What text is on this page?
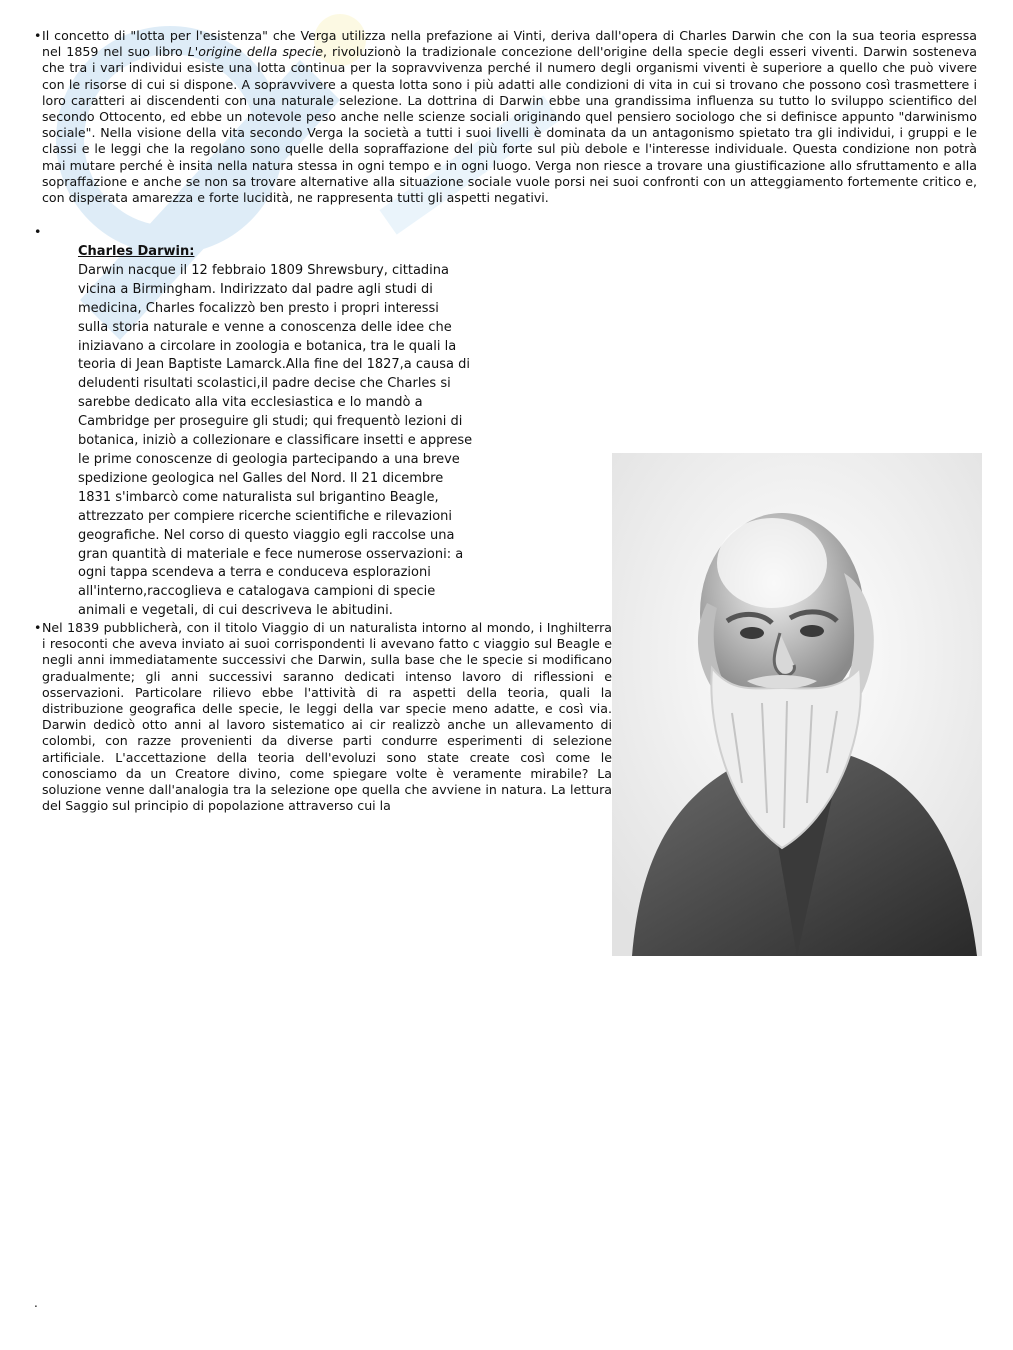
• Il concetto di "lotta per l'esistenza" che Verga utilizza nella prefazione ai Vinti, deriva dall'opera di Charles Darwin che con la sua teoria espressa nel 1859 nel suo libro L'origine della specie, rivoluzionò la tradizionale concezione dell'origine della specie degli esseri viventi. Darwin sosteneva che tra i vari individui esiste una lotta continua per la sopravvivenza perché il numero degli organismi viventi è superiore a quello che può vivere con le risorse di cui si dispone. A sopravvivere a questa lotta sono i più adatti alle condizioni di vita in cui si trovano che possono così trasmettere i loro caratteri ai discendenti con una naturale selezione. La dottrina di Darwin ebbe una grandissima influenza su tutto lo sviluppo scientifico del secondo Ottocento, ed ebbe un notevole peso anche nelle scienze sociali originando quel pensiero sociologo che si definisce appunto "darwinismo sociale". Nella visione della vita secondo Verga la società a tutti i suoi livelli è dominata da un antagonismo spietato tra gli individui, i gruppi e le classi e le leggi che la regolano sono quelle della sopraffazione del più forte sul più debole e l'interesse individuale. Questa condizione non potrà mai mutare perché è insita nella natura stessa in ogni tempo e in ogni luogo. Verga non riesce a trovare una giustificazione allo sfruttamento e alla sopraffazione e anche se non sa trovare alternative alla situazione sociale vuole porsi nei suoi confronti con un atteggiamento fortemente critico e, con disperata amarezza e forte lucidità, ne rappresenta tutti gli aspetti negativi.
•
Charles Darwin:
Darwin nacque il 12 febbraio 1809 Shrewsbury, cittadina vicina a Birmingham. Indirizzato dal padre agli studi di medicina, Charles focalizzò ben presto i propri interessi sulla storia naturale e venne a conoscenza delle idee che iniziavano a circolare in zoologia e botanica, tra le quali la teoria di Jean Baptiste Lamarck.Alla fine del 1827,a causa di deludenti risultati scolastici,il padre decise che Charles si sarebbe dedicato alla vita ecclesiastica e lo mandò a Cambridge per proseguire gli studi; qui frequentò lezioni di botanica, iniziò a collezionare e classificare insetti e apprese le prime conoscenze di geologia partecipando a una breve spedizione geologica nel Galles del Nord. Il 21 dicembre 1831 s'imbarcò come naturalista sul brigantino Beagle, attrezzato per compiere ricerche scientifiche e rilevazioni geografiche. Nel corso di questo viaggio egli raccolse una gran quantità di materiale e fece numerose osservazioni: a ogni tappa scendeva a terra e conduceva esplorazioni all'interno,raccoglieva e catalogava campioni di specie animali e vegetali, di cui descriveva le abitudini.
• Nel 1839 pubblicherà, con il titolo Viaggio di un naturalista intorno al mondo, i Inghilterra i resoconti che aveva inviato ai suoi corrispondenti li avevano fatto c viaggio sul Beagle e negli anni immediatamente successivi che Darwin, sulla base che le specie si modificano gradualmente; gli anni successivi saranno dedicati intenso lavoro di riflessioni e osservazioni. Particolare rilievo ebbe l'attività di ra aspetti della teoria, quali la distribuzione geografica delle specie, le leggi della var specie meno adatte, e così via. Darwin dedicò otto anni al lavoro sistematico ai cir realizzò anche un allevamento di colombi, con razze provenienti da diverse parti condurre esperimenti di selezione artificiale. L'accettazione della teoria dell'evoluzi sono state create così come le conosciamo da un Creatore divino, come spiegare volte è veramente mirabile? La soluzione venne dall'analogia tra la selezione ope quella che avviene in natura. La lettura del Saggio sul principio di popolazione attraverso cui la
.
